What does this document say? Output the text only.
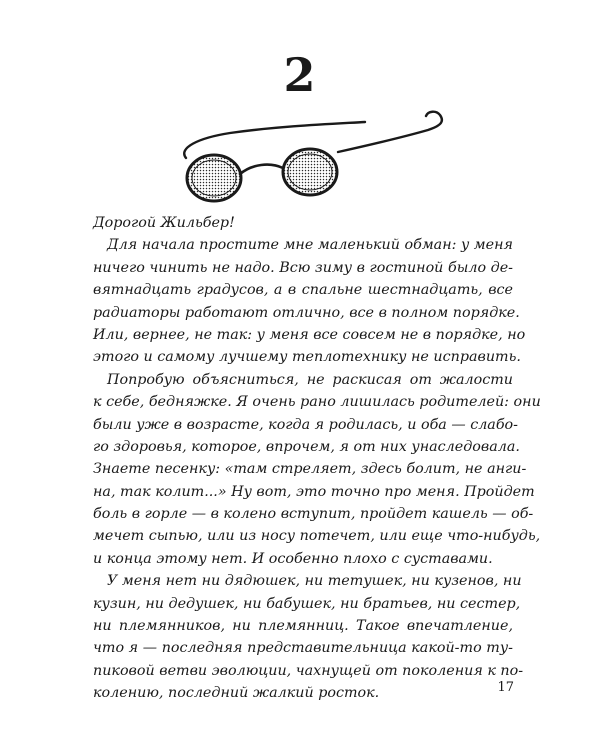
2
Дорогой Жильбер!
Для начала простите мне маленький обман: у меня
ничего чинить не надо. Всю зиму в гостиной было де-
вятнадцать градусов, а в спальне шестнадцать, все
радиаторы работают отлично, все в полном порядке.
Или, вернее, не так: у меня все совсем не в порядке, но
этого и самому лучшему теплотехнику не исправить.
Попробую объясниться, не раскисая от жалости
к себе, бедняжке. Я очень рано лишилась родителей: они
были уже в возрасте, когда я родилась, и оба — слабо-
го здоровья, которое, впрочем, я от них унаследовала.
Знаете песенку: «там стреляет, здесь болит, не анги-
на, так колит...» Ну вот, это точно про меня. Пройдет
боль в горле — в колено вступит, пройдет кашель — об-
мечет сыпью, или из носу потечет, или еще что-нибудь,
и конца этому нет. И особенно плохо с суставами.
У меня нет ни дядюшек, ни тетушек, ни кузенов, ни
кузин, ни дедушек, ни бабушек, ни братьев, ни сестер,
ни племянников, ни племянниц. Такое впечатление,
что я — последняя представительница какой-то ту-
пиковой ветви эволюции, чахнущей от поколения к по-
колению, последний жалкий росток.	17
